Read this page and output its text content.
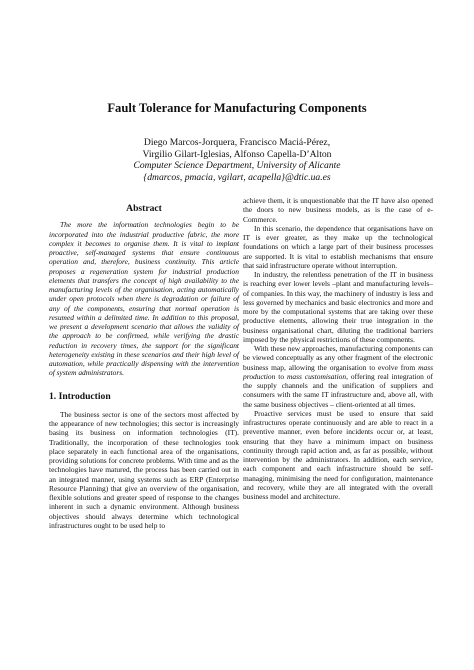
Fault Tolerance for Manufacturing Components
Diego Marcos-Jorquera, Francisco Maciá-Pérez,
Virgilio Gilart-Iglesias, Alfonso Capella-D’Alton
Computer Science Department, University of Alicante
{dmarcos, pmacia, vgilart, acapella}@dtic.ua.es
Abstract

The more the information technologies begin to be incorporated into the industrial productive fabric, the more complex it becomes to organise them. It is vital to implant proactive, self-managed systems that ensure continuous operation and, therefore, business continuity. This article proposes a regeneration system for industrial production elements that transfers the concept of high availability to the manufacturing levels of the organisation, acting automatically under open protocols when there is degradation or failure of any of the components, ensuring that normal operation is resumed within a delimited time. In addition to this proposal, we present a development scenario that allows the validity of the approach to be confirmed, while verifying the drastic reduction in recovery times, the support for the significant heterogeneity existing in these scenarios and their high level of automation, while practically dispensing with the intervention of system administrators.

1. Introduction

The business sector is one of the sectors most affected by the appearance of new technologies; this sector is increasingly basing its business on information technologies (IT). Traditionally, the incorporation of these technologies took place separately in each functional area of the organisations, providing solutions for concrete problems. With time and as the technologies have matured, the process has been carried out in an integrated manner, using systems such as ERP (Enterprise Resource Planning) that give an overview of the organisation, flexible solutions and greater speed of response to the changes inherent in such a dynamic environment. Although business objectives should always determine which technological infrastructures ought to be used help to

achieve them, it is unquestionable that the IT have also opened the doors to new business models, as is the case of e-Commerce.

In this scenario, the dependence that organisations have on IT is ever greater, as they make up the technological foundations on which a large part of their business processes are supported. It is vital to establish mechanisms that ensure that said infrastructure operate without interruption.

In industry, the relentless penetration of the IT in business is reaching ever lower levels –plant and manufacturing levels– of companies. In this way, the machinery of industry is less and less governed by mechanics and basic electronics and more and more by the computational systems that are taking over these productive elements, allowing their true integration in the business organisational chart, diluting the traditional barriers imposed by the physical restrictions of these components.

With these new approaches, manufacturing components can be viewed conceptually as any other fragment of the electronic business map, allowing the organisation to evolve from mass production to mass customisation, offering real integration of the supply channels and the unification of suppliers and consumers with the same IT infrastructure and, above all, with the same business objectives – client-oriented at all times.

Proactive services must be used to ensure that said infrastructures operate continuously and are able to react in a preventive manner, even before incidents occur or, at least, ensuring that they have a minimum impact on business continuity through rapid action and, as far as possible, without intervention by the administrators. In addition, each service, each component and each infrastructure should be self-managing, minimising the need for configuration, maintenance and recovery, while they are all integrated with the overall business model and architecture.
